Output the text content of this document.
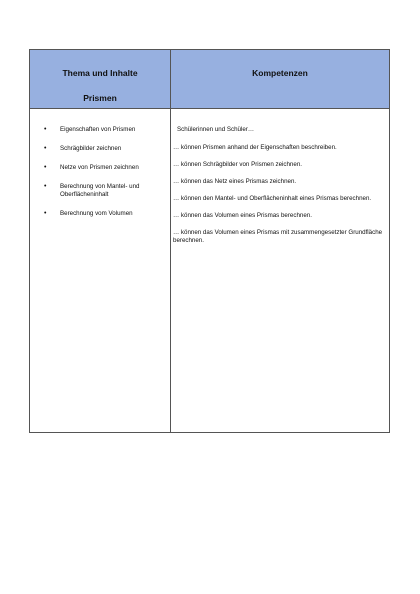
Thema und Inhalte
Prismen
Kompetenzen
• Eigenschaften von Prismen
• Schrägbilder zeichnen
• Netze von Prismen zeichnen
• Berechnung von Mantel- und Oberflächeninhalt
• Berechnung vom Volumen
Schülerinnen und Schüler…

… können Prismen anhand der Eigenschaften beschreiben.

… können Schrägbilder von Prismen zeichnen.

… können das Netz eines Prismas zeichnen.

… können den Mantel- und Oberflächeninhalt eines Prismas berechnen.

… können das Volumen eines Prismas berechnen.

… können das Volumen eines Prismas mit zusammengesetzter Grundfläche berechnen.
